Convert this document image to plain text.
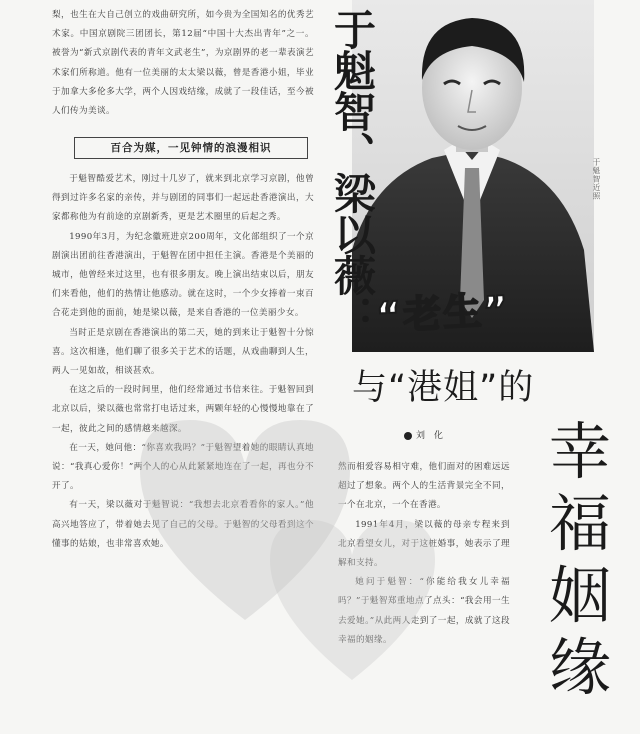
梨，也生在大自己创立的戏曲研究所，如今贵为全国知名的优秀艺术家。中国京剧院三团团长，第12届“中国十大杰出青年”之一。被誉为“新式京剧代表的青年文武老生”，为京剧界的老一辈表演艺术家们所称道。他有一位美丽的太太梁以薇，曾是香港小姐，毕业于加拿大多伦多大学，两个人因戏结缘，成就了一段佳话，至今被人们传为美谈。

百合为媒，一见钟情的浪漫相识

于魁智酷爱艺术，刚过十几岁了，就来到北京学习京剧，他曾得到过许多名家的亲传，并与剧团的同事们一起远赴香港演出，大家都称他为有前途的京剧新秀，更是艺术圈里的后起之秀。

1990年3月，为纪念徽班进京200周年，文化部组织了一个京剧演出团前往香港演出，于魁智在团中担任主演。香港是个美丽的城市，他曾经来过这里，也有很多朋友。晚上演出结束以后，朋友们来看他，他们的热情让他感动。就在这时，一个少女捧着一束百合花走到他的面前，她是梁以薇，是来自香港的一位美丽少女。

当时正是京剧在香港演出的第二天，她的到来让于魁智十分惊喜。这次相逢，他们聊了很多关于艺术的话题，从戏曲聊到人生，两人一见如故，相谈甚欢。

在这之后的一段时间里，他们经常通过书信来往。于魁智回到北京以后，梁以薇也常常打电话过来，两颗年轻的心慢慢地靠在了一起，彼此之间的感情越来越深。

在一天，她问他：“你喜欢我吗？”于魁智望着她的眼睛认真地说：“我真心爱你！”两个人的心从此紧紧地连在了一起，再也分不开了。

有一天，梁以薇对于魁智说：“我想去北京看看你的家人。”他高兴地答应了，带着她去见了自己的父母。于魁智的父母看到这个懂事的姑娘，也非常喜欢她。

于魁智近照
于魁智、梁以薇：
“老生”
与“港姐”的
幸福姻缘
刘 化

然而相爱容易相守难，他们面对的困难远远超过了想象。两个人的生活背景完全不同，一个在北京，一个在香港。

1991年4月，梁以薇的母亲专程来到北京看望女儿，对于这桩婚事，她表示了理解和支持。

她问于魁智：“你能给我女儿幸福吗？”于魁智郑重地点了点头：“我会用一生去爱她。”从此两人走到了一起，成就了这段幸福的姻缘。
